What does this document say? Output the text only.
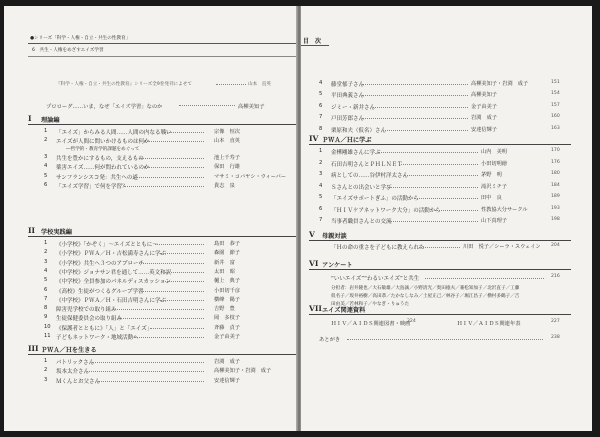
●シリーズ「科学・人権・自立・共生の性教育」
6　共生・人権をめざすエイズ学習
『科学・人権・自立・共生の性教育』シリーズ全9巻発刊によせて	山本　直英
プロローグ……いま，なぜ「エイズ学習」なのか	高柳美知子
I 理論編
1 「エイズ」からみる人間……人間の内なる戦い	宗像　恒次
2 エイズが人間に問いかけるものは何か	山本　直英
―哲学的・教育学的課題をめぐって
3 共生を豊かにするもの，支えるもの	池上千寿子
4 薬害エイズ……何が問われているのか	保田　行雄
5 サンフランシスコ発：共生への道	マサミ・コバヤシ・ウィーバー
6 「エイズ学習」で何を学習？	貴志　泉
II 学校実践編
1 《小学校》「かぞく」～エイズとともに～	島田　恭子
2 《小学校》ＰＷＡ／Ｈ・吉松満寿さんに学ぶ	森園　節子
3 《小学校》共生へ３つのアプローチ	新井　富
4 《中学校》ジョナサン君を通して……英文和訳	太田　昭
5 《中学校》全員参加のパネルディスカッション	樋上　典子
6 《高校》生徒がつくるグループ学習	小田切千彦
7 《中学校》ＰＷＡ／Ｈ・石田吉明さんに学ぶ	横峰　陽子
8 障害児学校での取り組み	吉野　豊
9 生徒保健委員会の取り組み	岡　多枝子
10 《保護者とともに》「人」と「エイズ」	斉藤　貞子
11 子どもネットワーク・地域活動へ	金子由美子
III ＰＷＡ／Ｈを生きる
1 パトリックさん	岩渕　成子
2 坂本太介さん	高柳美知子・岩渕　成子
3 Ｍくんとお父さん	安達信輝子
目　次
4 藤堂郁子さん	高柳美知子・岩渕　成子	151
5 平田典義さん	高柳美知子	154
6 ジミー・新井さん	金子由美子	157
7 戸田芳郎さん	岩渕　成子	160
8 栗原和夫（仮名）さん	安達信輝子	163
IV ＰＷＡ／Ｈに学ぶ
1 金樺剛雄さんに学ぶ	山内　美明	170
2 石田吉明さんとＰＨＬＮＥＴ	小田切明徳	176
3 病としての……谷伊村洋太さん	茅野　明	180
4 Ｓさんとの出会いと学び	滝沢ミチ子	184
5 「エイズサポートぎふ」の活動から	田中　良	189
6 「ＨＩＶケアネットワーク大分」の活動から	性教協大分サークル	193
7 当事者職員さんとの交流	山下真理子	198
V 母親対談
「Ｈの命の重さを子どもに教えられた	川田　悦子／シーラ・スウェイン 204
VI アンケート
“いいエイズ”“わるいエイズ”と共生	216
分担者：岩井隆也／大石敏雄／大島誠／小野清光／奥田徳夫／兼松知加子／北沢直子／工藤
仮名子／坂井裕樹／高田恭／たかなしなみ／土屋正己／林谷子／堀江昌子／横村多鶴子／吉
田由美／若林和子／やなぎ・りゅうた
VII エイズ関連資料
ＨＩＶ／ＡＩＤＳ関連図書・映画
224	ＨＩＶ／ＡＩＤＳ関連年表	227
あとがき	238
